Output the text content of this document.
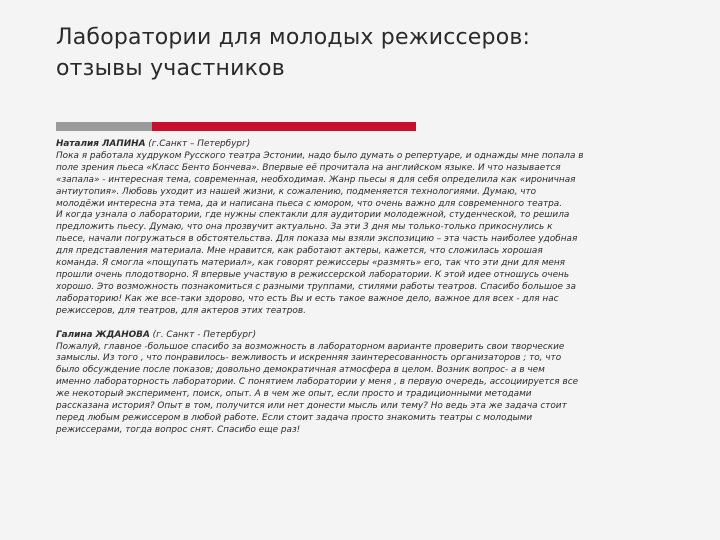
Лаборатории для молодых режиссеров:
отзывы участников
Наталия ЛАПИНА (г.Санкт – Петербург)
Пока я работала худруком Русского театра Эстонии, надо было думать о репертуаре, и однажды мне попала в
поле зрения пьеса «Класс Бенто Бончева». Впервые её прочитала на английском языке. И что называется
«запала» - интересная тема, современная, необходимая. Жанр пьесы я для себя определила как «ироничная
антиутопия». Любовь уходит из нашей жизни, к сожалению, подменяется технологиями. Думаю, что
молодёжи интересна эта тема, да и написана пьеса с юмором, что очень важно для современного театра.
И когда узнала о лаборатории, где нужны спектакли для аудитории молодежной, студенческой, то решила
предложить пьесу. Думаю, что она прозвучит актуально. За эти 3 дня мы только-только прикоснулись к
пьесе, начали погружаться в обстоятельства. Для показа мы взяли экспозицию – эта часть наиболее удобная
для представления материала. Мне нравится, как работают актеры, кажется, что сложилась хорошая
команда. Я смогла «пощупать материал», как говорят режиссеры «размять» его, так что эти дни для меня
прошли очень плодотворно. Я впервые участвую в режиссерской лаборатории. К этой идее отношусь очень
хорошо. Это возможность познакомиться с разными труппами, стилями работы театров. Спасибо большое за
лабораторию! Как же все-таки здорово, что есть Вы и есть такое важное дело, важное для всех - для нас
режиссеров, для театров, для актеров этих театров.
Галина ЖДАНОВА (г. Санкт - Петербург)
Пожалуй, главное -большое спасибо за возможность в лабораторном варианте проверить свои творческие
замыслы. Из того , что понравилось- вежливость и искренняя заинтересованность организаторов ; то, что
было обсуждение после показов; довольно демократичная атмосфера в целом. Возник вопрос- а в чем
именно лабораторность лаборатории. С понятием лаборатории у меня , в первую очередь, ассоциируется все
же некоторый эксперимент, поиск, опыт. А в чем же опыт, если просто и традиционными методами
рассказана история? Опыт в том, получится или нет донести мысль или тему? Но ведь эта же задача стоит
перед любым режиссером в любой работе. Если стоит задача просто знакомить театры с молодыми
режиссерами, тогда вопрос снят. Спасибо еще раз!
